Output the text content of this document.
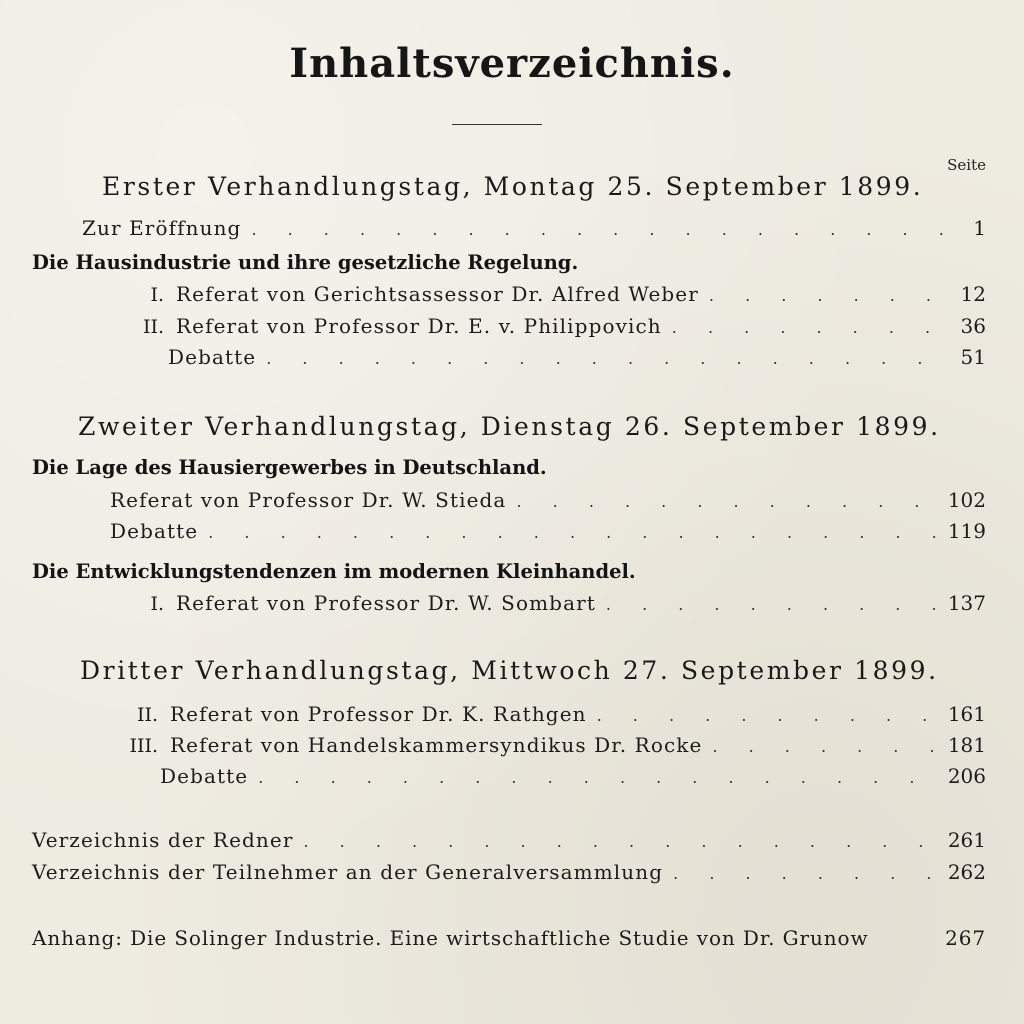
Inhaltsverzeichnis.
Seite
Erster Verhandlungstag, Montag 25. September 1899.
Zur Eröffnung . . .	1
Die Hausindustrie und ihre gesetzliche Regelung.
I. Referat von Gerichtsassessor Dr. Alfred Weber . . .	12
II. Referat von Professor Dr. E. v. Philippovich . . .	36
Debatte . . .	51
Zweiter Verhandlungstag, Dienstag 26. September 1899.
Die Lage des Hausiergewerbes in Deutschland.
Referat von Professor Dr. W. Stieda . . .	102
Debatte . . .	119
Die Entwicklungstendenzen im modernen Kleinhandel.
I. Referat von Professor Dr. W. Sombart . . .	137
Dritter Verhandlungstag, Mittwoch 27. September 1899.
II. Referat von Professor Dr. K. Rathgen . . .	161
III. Referat von Handelskammersyndikus Dr. Rocke . . .	181
Debatte . . .	206
Verzeichnis der Redner . . .	261
Verzeichnis der Teilnehmer an der Generalversammlung . . .	262
Anhang: Die Solinger Industrie. Eine wirtschaftliche Studie von Dr. Grunow	267
